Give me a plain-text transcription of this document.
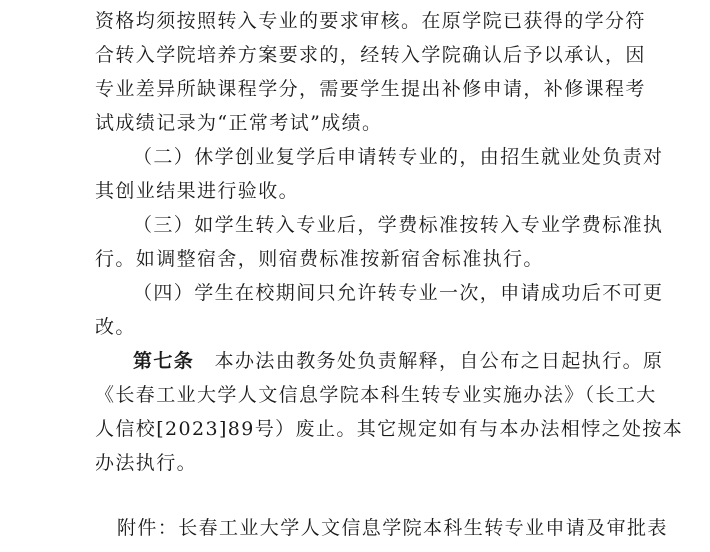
资格均须按照转入专业的要求审核。在原学院已获得的学分符
合转入学院培养方案要求的，经转入学院确认后予以承认，因
专业差异所缺课程学分，需要学生提出补修申请，补修课程考
试成绩记录为“正常考试”成绩。

（二）休学创业复学后申请转专业的，由招生就业处负责对
其创业结果进行验收。

（三）如学生转入专业后，学费标准按转入专业学费标准执
行。如调整宿舍，则宿费标准按新宿舍标准执行。

（四）学生在校期间只允许转专业一次，申请成功后不可更
改。

第七条　本办法由教务处负责解释，自公布之日起执行。原
《长春工业大学人文信息学院本科生转专业实施办法》（长工大
人信校[2023]89号）废止。其它规定如有与本办法相悖之处按本
办法执行。

附件：长春工业大学人文信息学院本科生转专业申请及审批表
